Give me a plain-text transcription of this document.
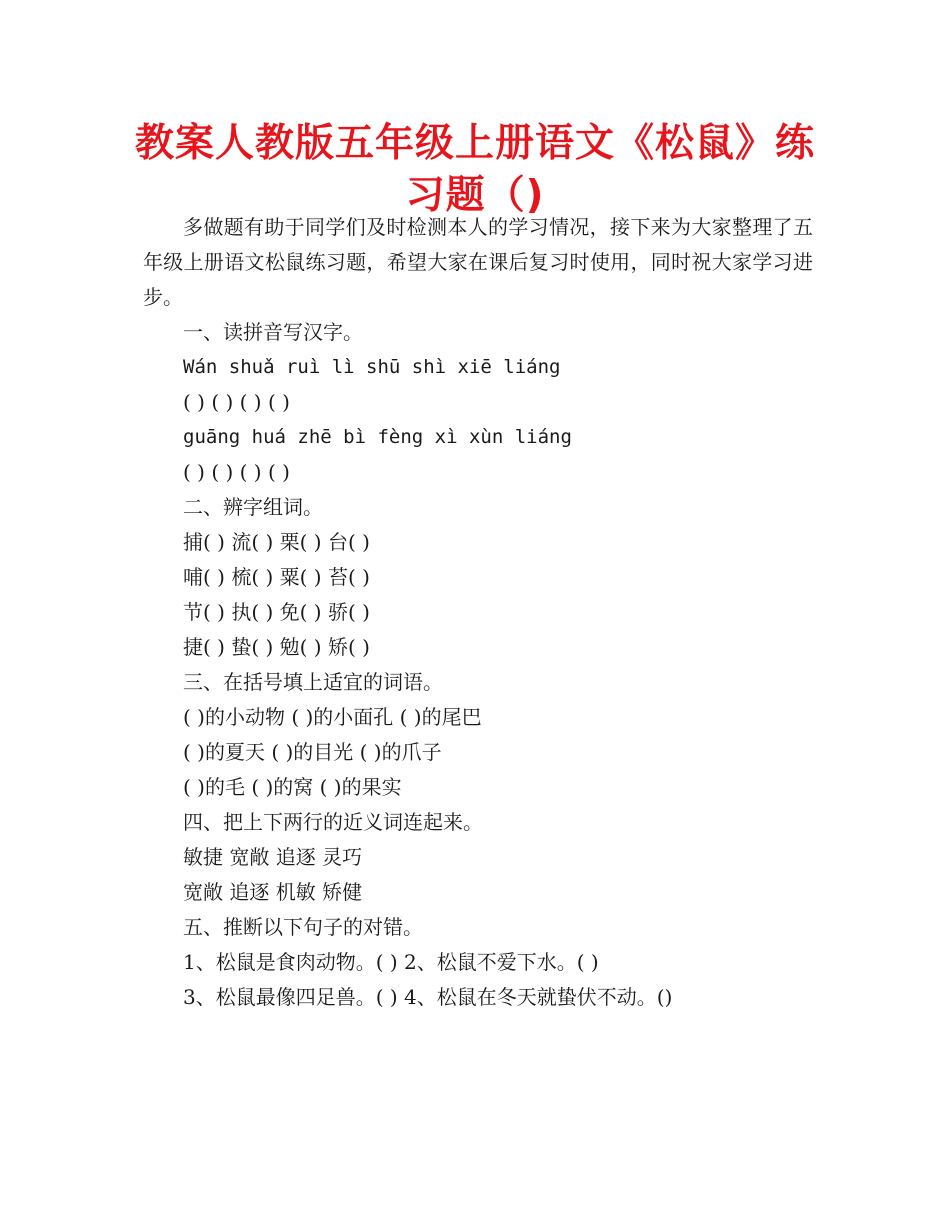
教案人教版五年级上册语文《松鼠》练习题（)

多做题有助于同学们及时检测本人的学习情况，接下来为大家整理了五年级上册语文松鼠练习题，希望大家在课后复习时使用，同时祝大家学习进步。

一、读拼音写汉字。

Wán shuǎ ruì lì shū shì xiē liáng

( ) ( ) ( ) ( )

guāng huá zhē bì fèng xì xùn liáng

( ) ( ) ( ) ( )

二、辨字组词。

捕( ) 流( ) 栗( ) 台( )

哺( ) 梳( ) 粟( ) 苔( )

节( ) 执( ) 免( ) 骄( )

捷( ) 蛰( ) 勉( ) 矫( )

三、在括号填上适宜的词语。

( )的小动物 ( )的小面孔 ( )的尾巴

( )的夏天 ( )的目光 ( )的爪子

( )的毛 ( )的窝 ( )的果实

四、把上下两行的近义词连起来。

敏捷 宽敞 追逐 灵巧

宽敞 追逐 机敏 矫健

五、推断以下句子的对错。

1、松鼠是食肉动物。( ) 2、松鼠不爱下水。( )

3、松鼠最像四足兽。( ) 4、松鼠在冬天就蛰伏不动。()
